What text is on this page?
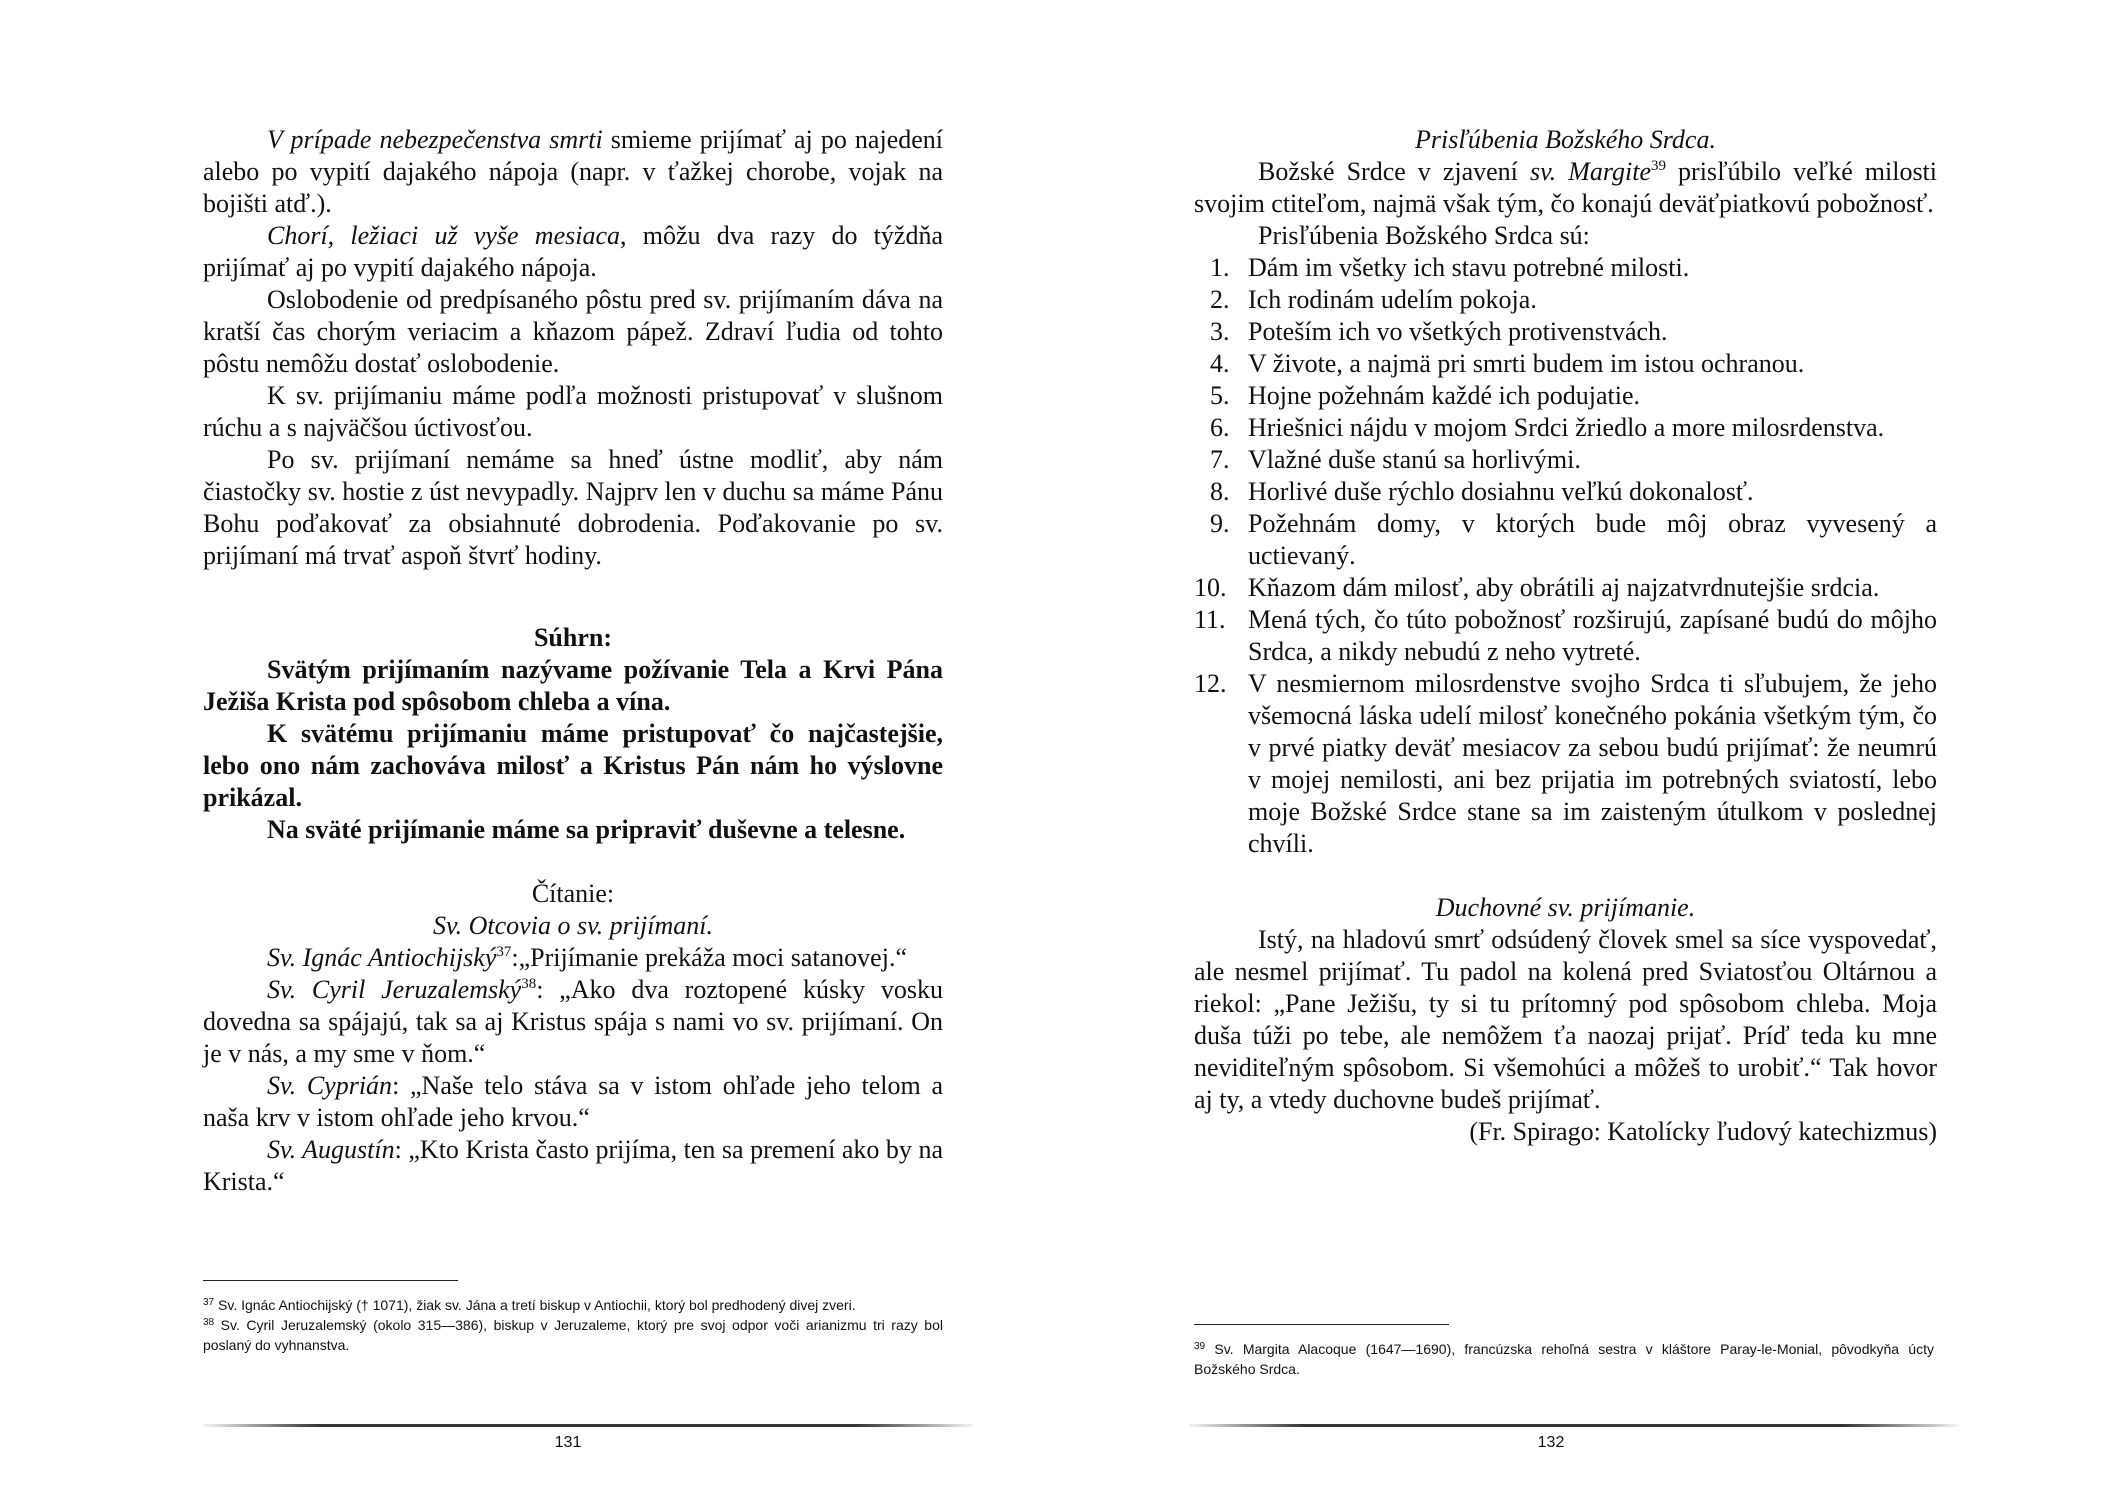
V prípade nebezpečenstva smrti smieme prijímať aj po najedení alebo po vypití dajakého nápoja (napr. v ťažkej chorobe, vojak na bojišti atď.).

Chorí, ležiaci už vyše mesiaca, môžu dva razy do týždňa prijímať aj po vypití dajakého nápoja.

Oslobodenie od predpísaného pôstu pred sv. prijímaním dáva na kratší čas chorým veriacim a kňazom pápež. Zdraví ľudia od tohto pôstu nemôžu dostať oslobodenie.

K sv. prijímaniu máme podľa možnosti pristupovať v slušnom rúchu a s najväčšou úctivosťou.

Po sv. prijímaní nemáme sa hneď ústne modliť, aby nám čiastočky sv. hostie z úst nevypadly. Najprv len v duchu sa máme Pánu Bohu poďakovať za obsiahnuté dobrodenia. Poďakovanie po sv. prijímaní má trvať aspoň štvrť hodiny.

Súhrn:

Svätým prijímaním nazývame požívanie Tela a Krvi Pána Ježiša Krista pod spôsobom chleba a vína.

K svätému prijímaniu máme pristupovať čo najčastejšie, lebo ono nám zachováva milosť a Kristus Pán nám ho výslovne prikázal.

Na sväté prijímanie máme sa pripraviť duševne a telesne.

Čítanie:
Sv. Otcovia o sv. prijímaní.

Sv. Ignác Antiochijský$^{37}$:„Prijímanie prekáža moci satanovej.“

Sv. Cyril Jeruzalemský$^{38}$: „Ako dva roztopené kúsky vosku dovedna sa spájajú, tak sa aj Kristus spája s nami vo sv. prijímaní. On je v nás, a my sme v ňom.“

Sv. Cyprián: „Naše telo stáva sa v istom ohľade jeho telom a naša krv v istom ohľade jeho krvou.“

Sv. Augustín: „Kto Krista často prijíma, ten sa premení ako by na Krista.“

$^{37}$ Sv. Ignác Antiochijský († 1071), žiak sv. Jána a tretí biskup v Antiochii, ktorý bol predhodený divej zveri.

$^{38}$ Sv. Cyril Jeruzalemský (okolo 315—386), biskup v Jeruzaleme, ktorý pre svoj odpor voči arianizmu tri razy bol poslaný do vyhnanstva.

131
Prisľúbenia Božského Srdca.

Božské Srdce v zjavení sv. Margite$^{39}$ prisľúbilo veľké milosti svojim ctiteľom, najmä však tým, čo konajú deväťpiatkovú pobožnosť.

Prisľúbenia Božského Srdca sú:

1. Dám im všetky ich stavu potrebné milosti.
2. Ich rodinám udelím pokoja.
3. Poteším ich vo všetkých protivenstvách.
4. V živote, a najmä pri smrti budem im istou ochranou.
5. Hojne požehnám každé ich podujatie.
6. Hriešnici nájdu v mojom Srdci žriedlo a more milosrdenstva.
7. Vlažné duše stanú sa horlivými.
8. Horlivé duše rýchlo dosiahnu veľkú dokonalosť.
9. Požehnám domy, v ktorých bude môj obraz vyvesený a uctievaný.
10. Kňazom dám milosť, aby obrátili aj najzatvrdnutejšie srdcia.
11. Mená tých, čo túto pobožnosť rozširujú, zapísané budú do môjho Srdca, a nikdy nebudú z neho vytreté.
12. V nesmiernom milosrdenstve svojho Srdca ti sľubujem, že jeho všemocná láska udelí milosť konečného pokánia všetkým tým, čo v prvé piatky deväť mesiacov za sebou budú prijímať: že neumrú v mojej nemilosti, ani bez prijatia im potrebných sviatostí, lebo moje Božské Srdce stane sa im zaisteným útulkom v poslednej chvíli.
Duchovné sv. prijímanie.

Istý, na hladovú smrť odsúdený človek smel sa síce vyspovedať, ale nesmel prijímať. Tu padol na kolená pred Sviatosťou Oltárnou a riekol: „Pane Ježišu, ty si tu prítomný pod spôsobom chleba. Moja duša túži po tebe, ale nemôžem ťa naozaj prijať. Príď teda ku mne neviditeľným spôsobom. Si všemohúci a môžeš to urobiť.“ Tak hovor aj ty, a vtedy duchovne budeš prijímať.

(Fr. Spirago: Katolícky ľudový katechizmus)

$^{39}$ Sv. Margita Alacoque (1647—1690), francúzska rehoľná sestra v kláštore Paray-le-Monial, pôvodkyňa úcty Božského Srdca.

132
